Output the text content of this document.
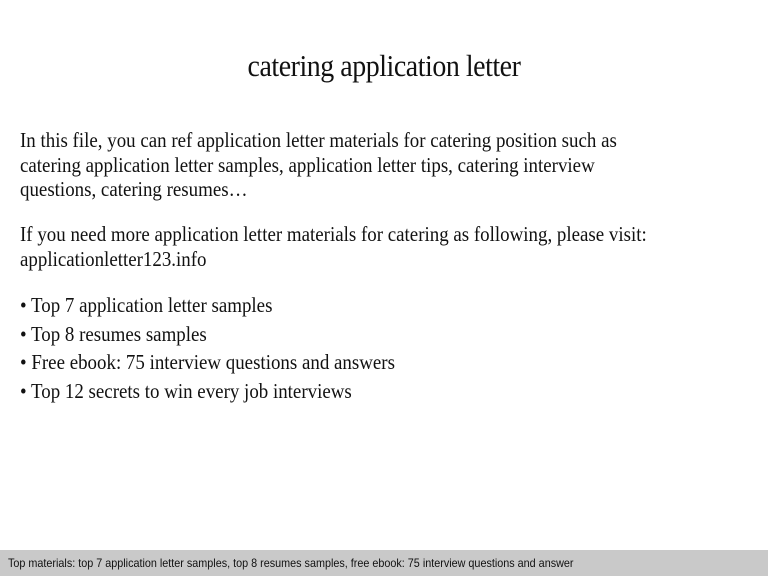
catering application letter
In this file, you can ref application letter materials for catering position such as
catering application letter samples, application letter tips, catering interview
questions, catering resumes…
If you need more application letter materials for catering as following, please visit:
applicationletter123.info
• Top 7 application letter samples
• Top 8 resumes samples
• Free ebook: 75 interview questions and answers
• Top 12 secrets to win every job interviews
Top materials: top 7 application letter samples, top 8 resumes samples, free ebook: 75 interview questions and answer
